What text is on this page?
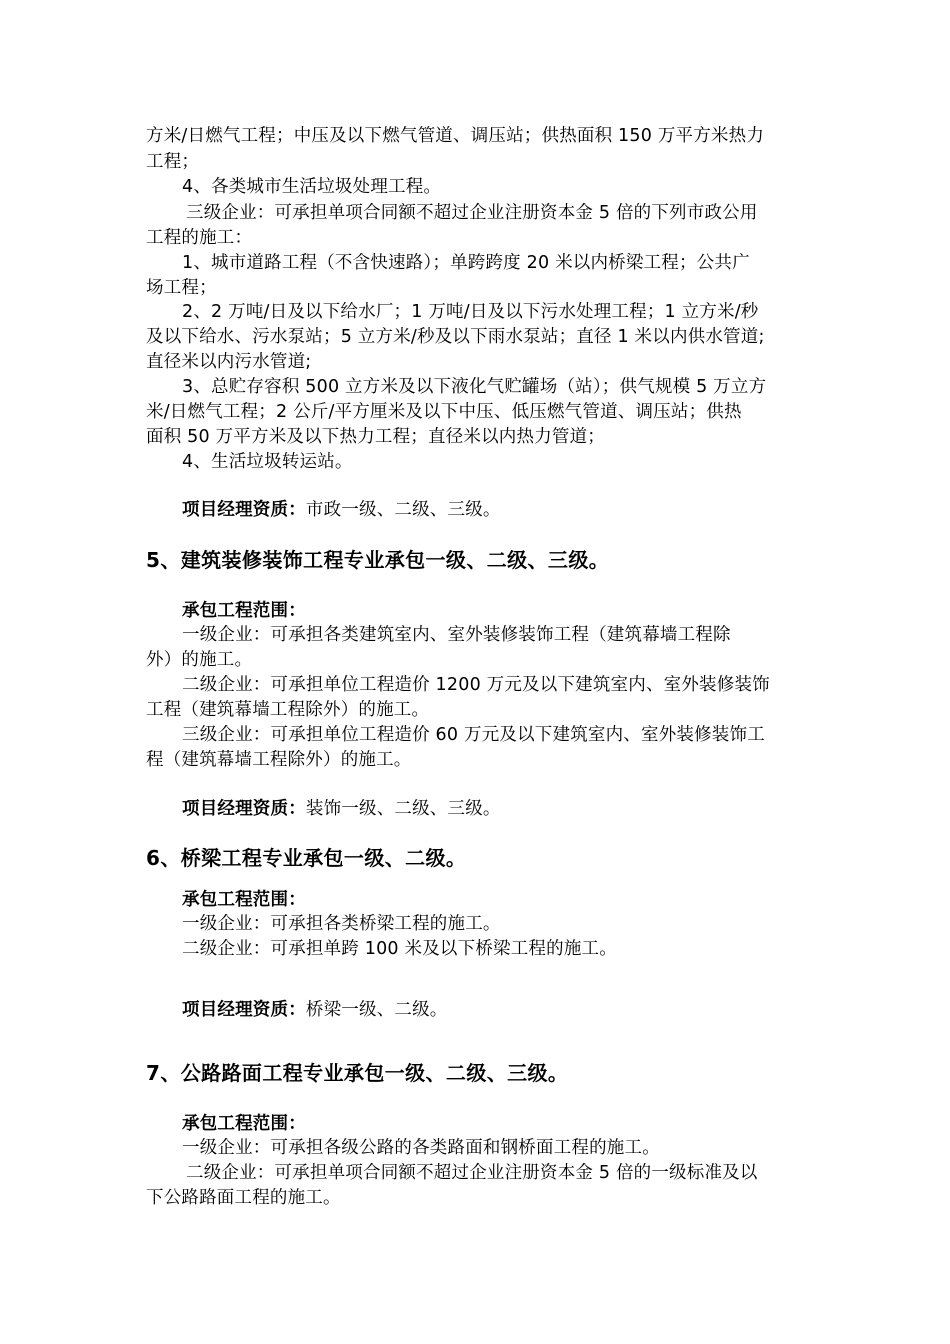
方米/日燃气工程；中压及以下燃气管道、调压站；供热面积 150 万平方米热力
工程；
4、各类城市生活垃圾处理工程。
三级企业：可承担单项合同额不超过企业注册资本金 5 倍的下列市政公用
工程的施工：
1、城市道路工程（不含快速路）；单跨跨度 20 米以内桥梁工程；公共广
场工程；
2、2 万吨/日及以下给水厂；1 万吨/日及以下污水处理工程；1 立方米/秒
及以下给水、污水泵站；5 立方米/秒及以下雨水泵站；直径 1 米以内供水管道;
直径米以内污水管道;
3、总贮存容积 500 立方米及以下液化气贮罐场（站）；供气规模 5 万立方
米/日燃气工程；2 公斤/平方厘米及以下中压、低压燃气管道、调压站；供热
面积 50 万平方米及以下热力工程；直径米以内热力管道；
4、生活垃圾转运站。
项目经理资质：市政一级、二级、三级。
5、建筑装修装饰工程专业承包一级、二级、三级。
承包工程范围：
一级企业：可承担各类建筑室内、室外装修装饰工程（建筑幕墙工程除
外）的施工。
二级企业：可承担单位工程造价 1200 万元及以下建筑室内、室外装修装饰
工程（建筑幕墙工程除外）的施工。
三级企业：可承担单位工程造价 60 万元及以下建筑室内、室外装修装饰工
程（建筑幕墙工程除外）的施工。
项目经理资质：装饰一级、二级、三级。
6、桥梁工程专业承包一级、二级。
承包工程范围：
一级企业：可承担各类桥梁工程的施工。
二级企业：可承担单跨 100 米及以下桥梁工程的施工。
项目经理资质：桥梁一级、二级。
7、公路路面工程专业承包一级、二级、三级。
承包工程范围：
一级企业：可承担各级公路的各类路面和钢桥面工程的施工。
二级企业：可承担单项合同额不超过企业注册资本金 5 倍的一级标准及以
下公路路面工程的施工。
